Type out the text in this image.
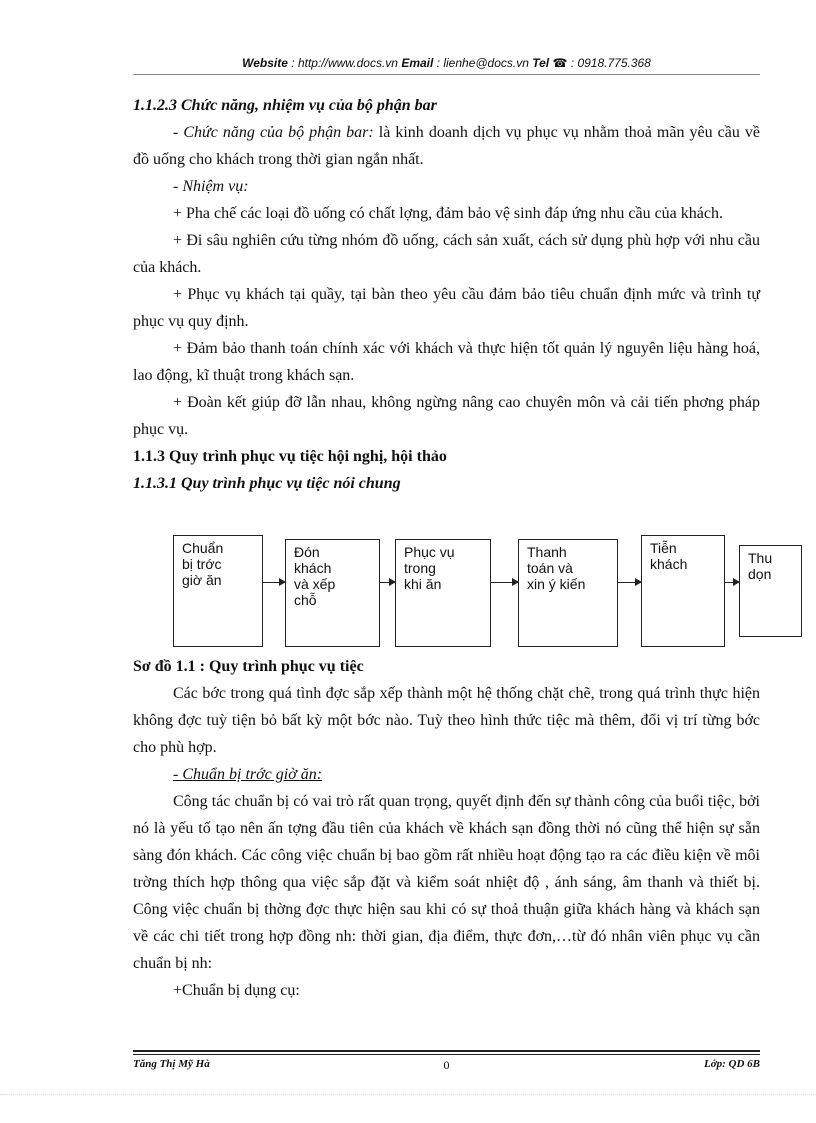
Website : http://www.docs.vn Email : lienhe@docs.vn Tel ☎ : 0918.775.368

1.1.2.3 Chức năng, nhiệm vụ của bộ phận bar

- Chức năng của bộ phận bar: là kinh doanh dịch vụ phục vụ nhằm thoả mãn yêu cầu về đồ uống cho khách trong thời gian ngắn nhất.

- Nhiệm vụ:

+ Pha chế các loại đồ uống có chất lợng, đảm bảo vệ sinh đáp ứng nhu cầu của khách.

+ Đi sâu nghiên cứu từng nhóm đồ uống, cách sản xuất, cách sử dụng phù hợp với nhu cầu của khách.

+ Phục vụ khách tại quầy, tại bàn theo yêu cầu đảm bảo tiêu chuẩn định mức và trình tự phục vụ quy định.

+ Đảm bảo thanh toán chính xác với khách và thực hiện tốt quản lý nguyên liệu hàng hoá, lao động, kĩ thuật trong khách sạn.

+ Đoàn kết giúp đỡ lẫn nhau, không ngừng nâng cao chuyên môn và cải tiến phơng pháp phục vụ.

1.1.3 Quy trình phục vụ tiệc hội nghị, hội thảo

1.1.3.1 Quy trình phục vụ tiệc nói chung

Chuẩn
bị trớc
giờ ăn
Đón
khách
và xếp
chỗ
Phục vụ
trong
khi ăn
Thanh
toán và
xin ý kiến
Tiễn
khách	Thu
dọn

Sơ đồ 1.1 : Quy trình phục vụ tiệc

Các bớc trong quá tình đợc sắp xếp thành một hệ thống chặt chẽ, trong quá trình thực hiện không đợc tuỳ tiện bỏ bất kỳ một bớc nào. Tuỳ theo hình thức tiệc mà thêm, đổi vị trí từng bớc cho phù hợp.

- Chuẩn bị trớc giờ ăn:

Công tác chuẩn bị có vai trò rất quan trọng, quyết định đến sự thành công của buổi tiệc, bởi nó là yếu tố tạo nên ấn tợng đầu tiên của khách về khách sạn đồng thời nó cũng thể hiện sự sẵn sàng đón khách. Các công việc chuẩn bị bao gồm rất nhiều hoạt động tạo ra các điều kiện về môi trờng thích hợp thông qua việc sắp đặt và kiểm soát nhiệt độ , ánh sáng, âm thanh và thiết bị. Công việc chuẩn bị thờng đợc thực hiện sau khi có sự thoả thuận giữa khách hàng và khách sạn về các chi tiết trong hợp đồng nh: thời gian, địa điểm, thực đơn,…từ đó nhân viên phục vụ cần chuẩn bị nh:

+Chuẩn bị dụng cụ:

Tăng Thị Mỹ Hà	0	Lớp: QD 6B
